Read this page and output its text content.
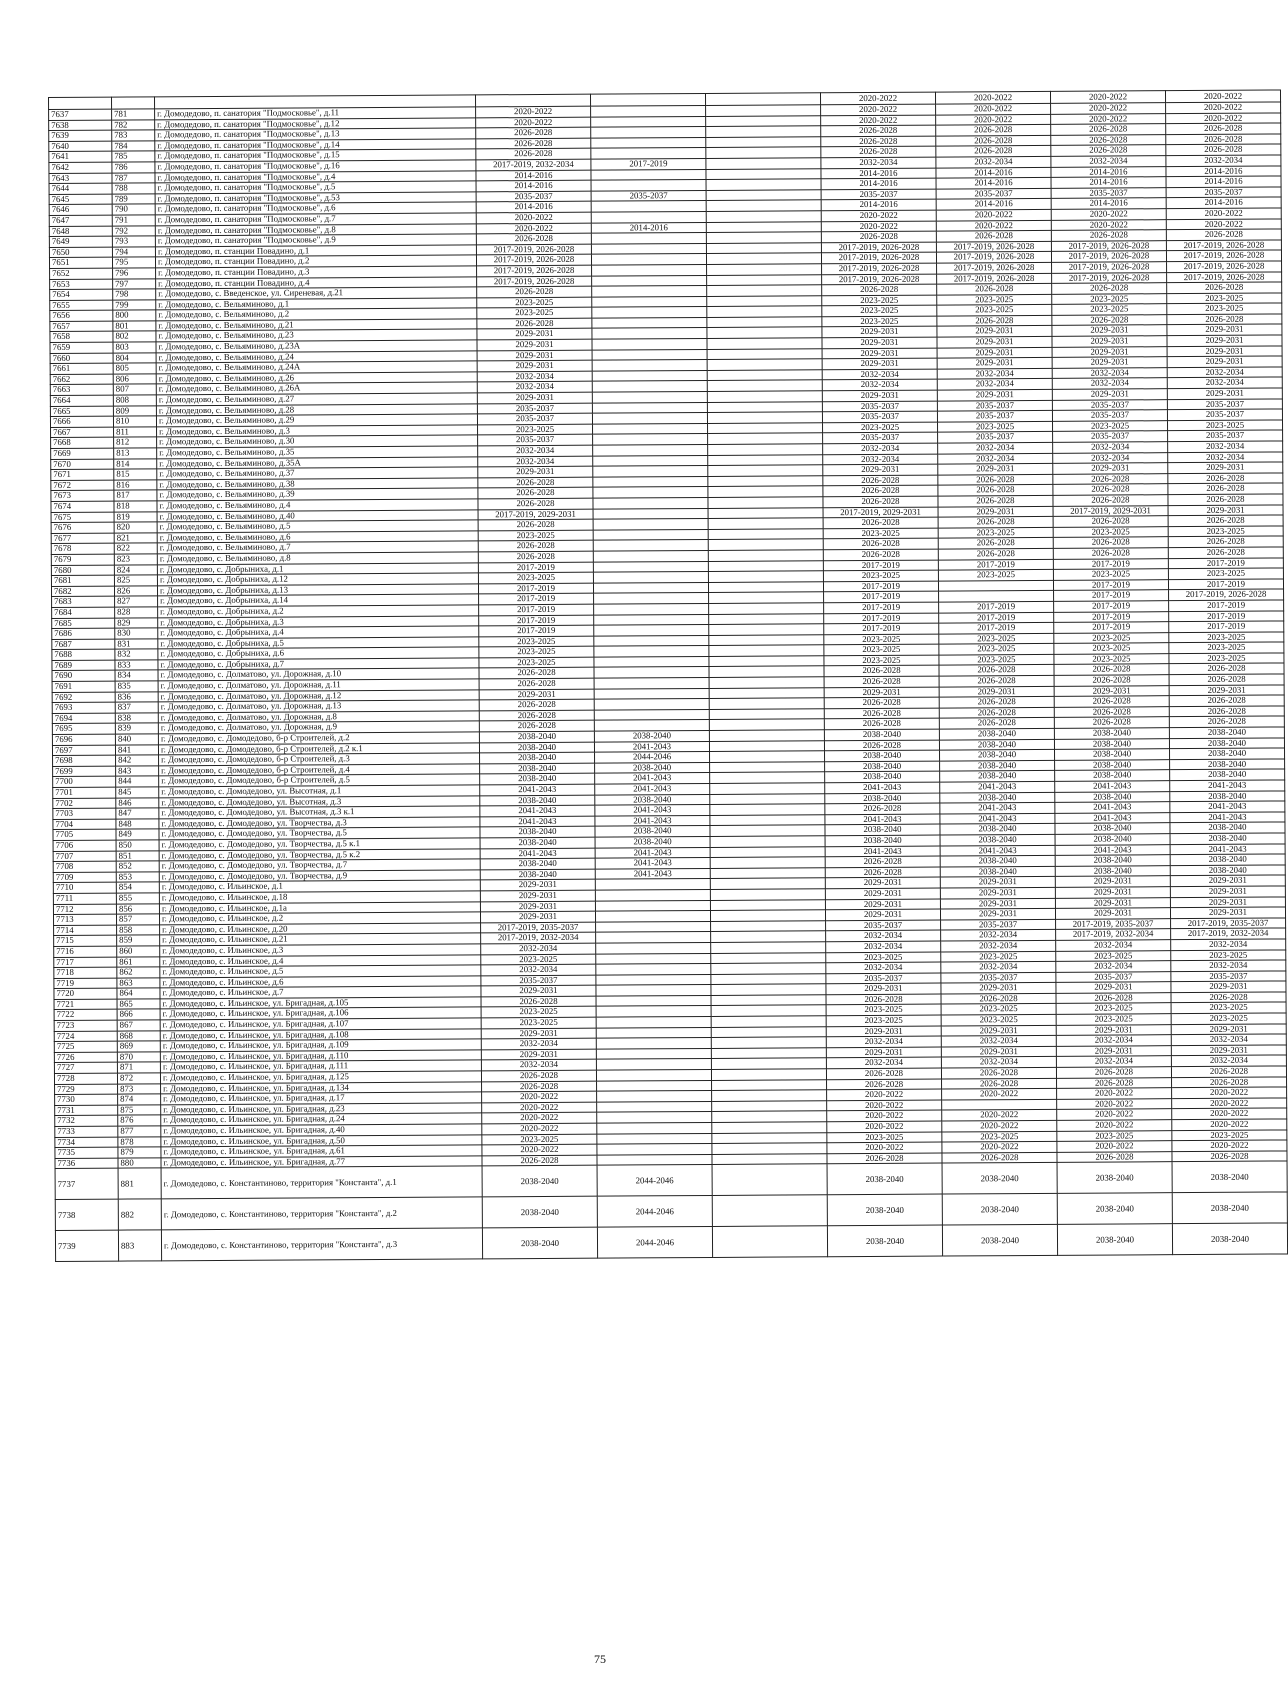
						2020-2022	2020-2022	2020-2022	2020-2022
7637	781	г. Домодедово, п. санатория "Подмосковье", д.11	2020-2022			2020-2022	2020-2022	2020-2022	2020-2022
7638	782	г. Домодедово, п. санатория "Подмосковье", д.12	2020-2022			2020-2022	2020-2022	2020-2022	2020-2022
7639	783	г. Домодедово, п. санатория "Подмосковье", д.13	2026-2028			2026-2028	2026-2028	2026-2028	2026-2028
7640	784	г. Домодедово, п. санатория "Подмосковье", д.14	2026-2028			2026-2028	2026-2028	2026-2028	2026-2028
7641	785	г. Домодедово, п. санатория "Подмосковье", д.15	2026-2028			2026-2028	2026-2028	2026-2028	2026-2028
7642	786	г. Домодедово, п. санатория "Подмосковье", д.16	2017-2019, 2032-2034	2017-2019		2032-2034	2032-2034	2032-2034	2032-2034
7643	787	г. Домодедово, п. санатория "Подмосковье", д.4	2014-2016			2014-2016	2014-2016	2014-2016	2014-2016
7644	788	г. Домодедово, п. санатория "Подмосковье", д.5	2014-2016			2014-2016	2014-2016	2014-2016	2014-2016
7645	789	г. Домодедово, п. санатория "Подмосковье", д.53	2035-2037	2035-2037		2035-2037	2035-2037	2035-2037	2035-2037
7646	790	г. Домодедово, п. санатория "Подмосковье", д.6	2014-2016			2014-2016	2014-2016	2014-2016	2014-2016
7647	791	г. Домодедово, п. санатория "Подмосковье", д.7	2020-2022			2020-2022	2020-2022	2020-2022	2020-2022
7648	792	г. Домодедово, п. санатория "Подмосковье", д.8	2020-2022	2014-2016		2020-2022	2020-2022	2020-2022	2020-2022
7649	793	г. Домодедово, п. санатория "Подмосковье", д.9	2026-2028			2026-2028	2026-2028	2026-2028	2026-2028
7650	794	г. Домодедово, п. станции Повадино, д.1	2017-2019, 2026-2028			2017-2019, 2026-2028	2017-2019, 2026-2028	2017-2019, 2026-2028	2017-2019, 2026-2028
7651	795	г. Домодедово, п. станции Повадино, д.2	2017-2019, 2026-2028			2017-2019, 2026-2028	2017-2019, 2026-2028	2017-2019, 2026-2028	2017-2019, 2026-2028
7652	796	г. Домодедово, п. станции Повадино, д.3	2017-2019, 2026-2028			2017-2019, 2026-2028	2017-2019, 2026-2028	2017-2019, 2026-2028	2017-2019, 2026-2028
7653	797	г. Домодедово, п. станции Повадино, д.4	2017-2019, 2026-2028			2017-2019, 2026-2028	2017-2019, 2026-2028	2017-2019, 2026-2028	2017-2019, 2026-2028
7654	798	г. Домодедово, с. Введенское, ул. Сиреневая, д.21	2026-2028			2026-2028	2026-2028	2026-2028	2026-2028
7655	799	г. Домодедово, с. Вельяминово, д.1	2023-2025			2023-2025	2023-2025	2023-2025	2023-2025
7656	800	г. Домодедово, с. Вельяминово, д.2	2023-2025			2023-2025	2023-2025	2023-2025	2023-2025
7657	801	г. Домодедово, с. Вельяминово, д.21	2026-2028			2023-2025	2026-2028	2026-2028	2026-2028
7658	802	г. Домодедово, с. Вельяминово, д.23	2029-2031			2029-2031	2029-2031	2029-2031	2029-2031
7659	803	г. Домодедово, с. Вельяминово, д.23А	2029-2031			2029-2031	2029-2031	2029-2031	2029-2031
7660	804	г. Домодедово, с. Вельяминово, д.24	2029-2031			2029-2031	2029-2031	2029-2031	2029-2031
7661	805	г. Домодедово, с. Вельяминово, д.24А	2029-2031			2029-2031	2029-2031	2029-2031	2029-2031
7662	806	г. Домодедово, с. Вельяминово, д.26	2032-2034			2032-2034	2032-2034	2032-2034	2032-2034
7663	807	г. Домодедово, с. Вельяминово, д.26А	2032-2034			2032-2034	2032-2034	2032-2034	2032-2034
7664	808	г. Домодедово, с. Вельяминово, д.27	2029-2031			2029-2031	2029-2031	2029-2031	2029-2031
7665	809	г. Домодедово, с. Вельяминово, д.28	2035-2037			2035-2037	2035-2037	2035-2037	2035-2037
7666	810	г. Домодедово, с. Вельяминово, д.29	2035-2037			2035-2037	2035-2037	2035-2037	2035-2037
7667	811	г. Домодедово, с. Вельяминово, д.3	2023-2025			2023-2025	2023-2025	2023-2025	2023-2025
7668	812	г. Домодедово, с. Вельяминово, д.30	2035-2037			2035-2037	2035-2037	2035-2037	2035-2037
7669	813	г. Домодедово, с. Вельяминово, д.35	2032-2034			2032-2034	2032-2034	2032-2034	2032-2034
7670	814	г. Домодедово, с. Вельяминово, д.35А	2032-2034			2032-2034	2032-2034	2032-2034	2032-2034
7671	815	г. Домодедово, с. Вельяминово, д.37	2029-2031			2029-2031	2029-2031	2029-2031	2029-2031
7672	816	г. Домодедово, с. Вельяминово, д.38	2026-2028			2026-2028	2026-2028	2026-2028	2026-2028
7673	817	г. Домодедово, с. Вельяминово, д.39	2026-2028			2026-2028	2026-2028	2026-2028	2026-2028
7674	818	г. Домодедово, с. Вельяминово, д.4	2026-2028			2026-2028	2026-2028	2026-2028	2026-2028
7675	819	г. Домодедово, с. Вельяминово, д.40	2017-2019, 2029-2031			2017-2019, 2029-2031	2029-2031	2017-2019, 2029-2031	2029-2031
7676	820	г. Домодедово, с. Вельяминово, д.5	2026-2028			2026-2028	2026-2028	2026-2028	2026-2028
7677	821	г. Домодедово, с. Вельяминово, д.6	2023-2025			2023-2025	2023-2025	2023-2025	2023-2025
7678	822	г. Домодедово, с. Вельяминово, д.7	2026-2028			2026-2028	2026-2028	2026-2028	2026-2028
7679	823	г. Домодедово, с. Вельяминово, д.8	2026-2028			2026-2028	2026-2028	2026-2028	2026-2028
7680	824	г. Домодедово, с. Добрыниха, д.1	2017-2019			2017-2019	2017-2019	2017-2019	2017-2019
7681	825	г. Домодедово, с. Добрыниха, д.12	2023-2025			2023-2025	2023-2025	2023-2025	2023-2025
7682	826	г. Домодедово, с. Добрыниха, д.13	2017-2019			2017-2019		2017-2019	2017-2019
7683	827	г. Домодедово, с. Добрыниха, д.14	2017-2019			2017-2019		2017-2019	2017-2019, 2026-2028
7684	828	г. Домодедово, с. Добрыниха, д.2	2017-2019			2017-2019	2017-2019	2017-2019	2017-2019
7685	829	г. Домодедово, с. Добрыниха, д.3	2017-2019			2017-2019	2017-2019	2017-2019	2017-2019
7686	830	г. Домодедово, с. Добрыниха, д.4	2017-2019			2017-2019	2017-2019	2017-2019	2017-2019
7687	831	г. Домодедово, с. Добрыниха, д.5	2023-2025			2023-2025	2023-2025	2023-2025	2023-2025
7688	832	г. Домодедово, с. Добрыниха, д.6	2023-2025			2023-2025	2023-2025	2023-2025	2023-2025
7689	833	г. Домодедово, с. Добрыниха, д.7	2023-2025			2023-2025	2023-2025	2023-2025	2023-2025
7690	834	г. Домодедово, с. Долматово, ул. Дорожная, д.10	2026-2028			2026-2028	2026-2028	2026-2028	2026-2028
7691	835	г. Домодедово, с. Долматово, ул. Дорожная, д.11	2026-2028			2026-2028	2026-2028	2026-2028	2026-2028
7692	836	г. Домодедово, с. Долматово, ул. Дорожная, д.12	2029-2031			2029-2031	2029-2031	2029-2031	2029-2031
7693	837	г. Домодедово, с. Долматово, ул. Дорожная, д.13	2026-2028			2026-2028	2026-2028	2026-2028	2026-2028
7694	838	г. Домодедово, с. Долматово, ул. Дорожная, д.8	2026-2028			2026-2028	2026-2028	2026-2028	2026-2028
7695	839	г. Домодедово, с. Долматово, ул. Дорожная, д.9	2026-2028			2026-2028	2026-2028	2026-2028	2026-2028
7696	840	г. Домодедово, с. Домодедово, б-р Строителей, д.2	2038-2040	2038-2040		2038-2040	2038-2040	2038-2040	2038-2040
7697	841	г. Домодедово, с. Домодедово, б-р Строителей, д.2 к.1	2038-2040	2041-2043		2026-2028	2038-2040	2038-2040	2038-2040
7698	842	г. Домодедово, с. Домодедово, б-р Строителей, д.3	2038-2040	2044-2046		2038-2040	2038-2040	2038-2040	2038-2040
7699	843	г. Домодедово, с. Домодедово, б-р Строителей, д.4	2038-2040	2038-2040		2038-2040	2038-2040	2038-2040	2038-2040
7700	844	г. Домодедово, с. Домодедово, б-р Строителей, д.5	2038-2040	2041-2043		2038-2040	2038-2040	2038-2040	2038-2040
7701	845	г. Домодедово, с. Домодедово, ул. Высотная, д.1	2041-2043	2041-2043		2041-2043	2041-2043	2041-2043	2041-2043
7702	846	г. Домодедово, с. Домодедово, ул. Высотная, д.3	2038-2040	2038-2040		2038-2040	2038-2040	2038-2040	2038-2040
7703	847	г. Домодедово, с. Домодедово, ул. Высотная, д.3 к.1	2041-2043	2041-2043		2026-2028	2041-2043	2041-2043	2041-2043
7704	848	г. Домодедово, с. Домодедово, ул. Творчества, д.3	2041-2043	2041-2043		2041-2043	2041-2043	2041-2043	2041-2043
7705	849	г. Домодедово, с. Домодедово, ул. Творчества, д.5	2038-2040	2038-2040		2038-2040	2038-2040	2038-2040	2038-2040
7706	850	г. Домодедово, с. Домодедово, ул. Творчества, д.5 к.1	2038-2040	2038-2040		2038-2040	2038-2040	2038-2040	2038-2040
7707	851	г. Домодедово, с. Домодедово, ул. Творчества, д.5 к.2	2041-2043	2041-2043		2041-2043	2041-2043	2041-2043	2041-2043
7708	852	г. Домодедово, с. Домодедово, ул. Творчества, д.7	2038-2040	2041-2043		2026-2028	2038-2040	2038-2040	2038-2040
7709	853	г. Домодедово, с. Домодедово, ул. Творчества, д.9	2038-2040	2041-2043		2026-2028	2038-2040	2038-2040	2038-2040
7710	854	г. Домодедово, с. Ильинское, д.1	2029-2031			2029-2031	2029-2031	2029-2031	2029-2031
7711	855	г. Домодедово, с. Ильинское, д.18	2029-2031			2029-2031	2029-2031	2029-2031	2029-2031
7712	856	г. Домодедово, с. Ильинское, д.1а	2029-2031			2029-2031	2029-2031	2029-2031	2029-2031
7713	857	г. Домодедово, с. Ильинское, д.2	2029-2031			2029-2031	2029-2031	2029-2031	2029-2031
7714	858	г. Домодедово, с. Ильинское, д.20	2017-2019, 2035-2037			2035-2037	2035-2037	2017-2019, 2035-2037	2017-2019, 2035-2037
7715	859	г. Домодедово, с. Ильинское, д.21	2017-2019, 2032-2034			2032-2034	2032-2034	2017-2019, 2032-2034	2017-2019, 2032-2034
7716	860	г. Домодедово, с. Ильинское, д.3	2032-2034			2032-2034	2032-2034	2032-2034	2032-2034
7717	861	г. Домодедово, с. Ильинское, д.4	2023-2025			2023-2025	2023-2025	2023-2025	2023-2025
7718	862	г. Домодедово, с. Ильинское, д.5	2032-2034			2032-2034	2032-2034	2032-2034	2032-2034
7719	863	г. Домодедово, с. Ильинское, д.6	2035-2037			2035-2037	2035-2037	2035-2037	2035-2037
7720	864	г. Домодедово, с. Ильинское, д.7	2029-2031			2029-2031	2029-2031	2029-2031	2029-2031
7721	865	г. Домодедово, с. Ильинское, ул. Бригадная, д.105	2026-2028			2026-2028	2026-2028	2026-2028	2026-2028
7722	866	г. Домодедово, с. Ильинское, ул. Бригадная, д.106	2023-2025			2023-2025	2023-2025	2023-2025	2023-2025
7723	867	г. Домодедово, с. Ильинское, ул. Бригадная, д.107	2023-2025			2023-2025	2023-2025	2023-2025	2023-2025
7724	868	г. Домодедово, с. Ильинское, ул. Бригадная, д.108	2029-2031			2029-2031	2029-2031	2029-2031	2029-2031
7725	869	г. Домодедово, с. Ильинское, ул. Бригадная, д.109	2032-2034			2032-2034	2032-2034	2032-2034	2032-2034
7726	870	г. Домодедово, с. Ильинское, ул. Бригадная, д.110	2029-2031			2029-2031	2029-2031	2029-2031	2029-2031
7727	871	г. Домодедово, с. Ильинское, ул. Бригадная, д.111	2032-2034			2032-2034	2032-2034	2032-2034	2032-2034
7728	872	г. Домодедово, с. Ильинское, ул. Бригадная, д.125	2026-2028			2026-2028	2026-2028	2026-2028	2026-2028
7729	873	г. Домодедово, с. Ильинское, ул. Бригадная, д.134	2026-2028			2026-2028	2026-2028	2026-2028	2026-2028
7730	874	г. Домодедово, с. Ильинское, ул. Бригадная, д.17	2020-2022			2020-2022	2020-2022	2020-2022	2020-2022
7731	875	г. Домодедово, с. Ильинское, ул. Бригадная, д.23	2020-2022			2020-2022		2020-2022	2020-2022
7732	876	г. Домодедово, с. Ильинское, ул. Бригадная, д.24	2020-2022			2020-2022	2020-2022	2020-2022	2020-2022
7733	877	г. Домодедово, с. Ильинское, ул. Бригадная, д.40	2020-2022			2020-2022	2020-2022	2020-2022	2020-2022
7734	878	г. Домодедово, с. Ильинское, ул. Бригадная, д.50	2023-2025			2023-2025	2023-2025	2023-2025	2023-2025
7735	879	г. Домодедово, с. Ильинское, ул. Бригадная, д.61	2020-2022			2020-2022	2020-2022	2020-2022	2020-2022
7736	880	г. Домодедово, с. Ильинское, ул. Бригадная, д.77	2026-2028			2026-2028	2026-2028	2026-2028	2026-2028
7737	881	г. Домодедово, с. Константиново, территория "Константа", д.1	2038-2040	2044-2046		2038-2040	2038-2040	2038-2040	2038-2040
7738	882	г. Домодедово, с. Константиново, территория "Константа", д.2	2038-2040	2044-2046		2038-2040	2038-2040	2038-2040	2038-2040
7739	883	г. Домодедово, с. Константиново, территория "Константа", д.3	2038-2040	2044-2046		2038-2040	2038-2040	2038-2040	2038-2040
75
